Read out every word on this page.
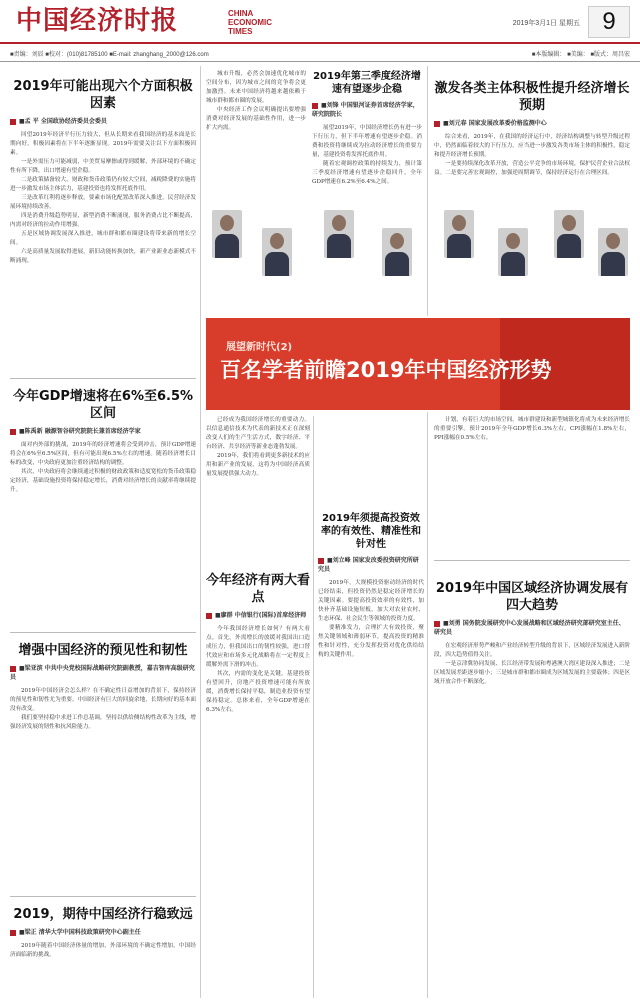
中国经济时报	CHINA ECONOMIC TIMES
2019年3月1日 星期五 9
■责编：刘辰 ■校对：(010)81785100 ■E-mail: zhanghang_2000@126.com	■本版编辑： ■美编： ■版式：周昌宏
2019年可能出现六个方面积极因素
■孟 平 全国政协经济委员会委员

回望2019年经济平行压力较大，但从长期来看我国经济的基本面是长期向好，积极因素将在下半年逐渐显现。2019年需要关注以下方面积极因素。

一是外需压力可能减弱，中美贸易摩擦或得到缓解，外部环境的不确定性有所下降，出口增速有望企稳。

二是政策储备较大，财政和货币政策仍有较大空间，减税降费的实施将进一步激发市场主体活力，基建投资也将发挥托底作用。

三是改革红利将逐步释放，要素市场化配置改革深入推进，民营经济发展环境持续改善。

四是消费升级趋势明显，新型消费不断涌现，服务消费占比不断提高，内需对经济的拉动作用增强。

五是区域协调发展深入推进，城市群和都市圈建设将带来新的增长空间。

六是高质量发展取得进展，新旧动能转换加快，新产业新业态新模式不断涌现。

今年GDP增速将在6%至6.5%区间
■陈禹新 融源智谷研究院院长兼首席经济学家

面对内外部的挑战，2019年的经济增速将会受到冲击，预计GDP增速将会在6%至6.5%区间，但有可能出现6.5%左右的增速。随着经济增长目标的改变，中央政府更加注重经济结构的调整。

其次，中央政府将会继续通过积极的财政政策和适度宽松的货币政策稳定经济，基础设施投资将保持稳定增长，消费对经济增长的贡献率将继续提升。

增强中国经济的预见性和韧性
■梁亚滨 中共中央党校国际战略研究院副教授，嘉吉智库高级研究员

2019年中国经济会怎么样？在不确定性日益增加的背景下，保持经济的预见性和韧性尤为重要。中国经济有巨大的回旋余地，长期向好的基本面没有改变。

我们要坚持稳中求进工作总基调，坚持以供给侧结构性改革为主线，增强经济发展的韧性和抗风险能力。

2019，期待中国经济行稳致远
■梁正 清华大学中国科技政策研究中心副主任

2019年随着中国经济体量的增加，外部环境的不确定性增加，中国经济面临新的挑战。

城市升级，必然会加速优化城市的空间分布，因为城市之间的竞争将会更加激烈。未来中国经济将越来越依赖于城市群和都市圈的发展。

中央经济工作会议明确提出要增强消费对经济发展的基础性作用，进一步扩大内需。

2019年第三季度经济增速有望逐步企稳
■刘锋 中国银河证券首席经济学家，研究院院长

展望2019年，中国经济增长仍有进一步下行压力，但下半年增速有望逐步企稳。消费和投资将继续成为拉动经济增长的重要力量，基建投资将发挥托底作用。

随着宏观调控政策的持续发力，预计第三季度经济增速有望逐步企稳回升，全年GDP增速在6.2%至6.4%之间。

激发各类主体积极性提升经济增长预期
■刘元春 国家发展改革委价格监测中心

综合来看，2019年，在我国的经济运行中，经济结构调整与转型升级过程中，仍然面临着较大的下行压力。应当进一步激发各类市场主体的积极性，稳定和提升经济增长预期。

一是要持续深化改革开放，营造公平竞争的市场环境，保护民营企业合法权益。二是要完善宏观调控，加强逆周期调节，保持经济运行在合理区间。

展望新时代(2)
百名学者前瞻2019年中国经济形势

已经成为我国经济增长的重要动力。以信息通信技术为代表的新技术正在深刻改变人们的生产生活方式，数字经济、平台经济、共享经济等新业态蓬勃发展。

2019年，我们将看到更多新技术的应用和新产业的发展，这将为中国经济高质量发展提供强大动力。

今年经济有两大看点
■廖群 中信银行(国际)首席经济师

今年我国经济增长如何？有两大看点。首先，外需增长的放缓对我国出口造成压力，但我国出口的韧性较强，进口替代效应和市场多元化战略将在一定程度上缓解外需下滑的冲击。

其次，内需的变化是关键。基建投资有望回升，房地产投资增速可能有所放缓，消费增长保持平稳，制造业投资有望保持稳定。总体来看，全年GDP增速在6.3%左右。

2019年须提高投资效率的有效性、精准性和针对性
■刘立峰 国家发改委投资研究所研究员

2019年，大规模投资驱动经济的时代已经结束，但投资仍然是稳定经济增长的关键因素。要提高投资效率的有效性，加快补齐基础设施短板，加大对农业农村、生态环保、社会民生等领域的投资力度。

要精准发力，合理扩大有效投资，聚焦关键领域和薄弱环节，提高投资的精准性和针对性，充分发挥投资对优化供给结构的关键作用。

计划，有着巨大的市场空间。城市群建设和新型城镇化将成为未来经济增长的重要引擎。预计2019年全年GDP增长6.3%左右，CPI涨幅在1.8%左右，PPI涨幅在0.5%左右。

2019年中国区域经济协调发展有四大趋势
■刘勇 国务院发展研究中心发展战略和区域经济研究部研究室主任、研究员

在宏观经济形势严峻和产业经济转型升级的背景下，区域经济发展进入新阶段，四大趋势值得关注。

一是京津冀协同发展、长江经济带发展和粤港澳大湾区建设深入推进；二是区域发展差距逐步缩小；三是城市群和都市圈成为区域发展的主要载体；四是区域开放合作不断深化。
